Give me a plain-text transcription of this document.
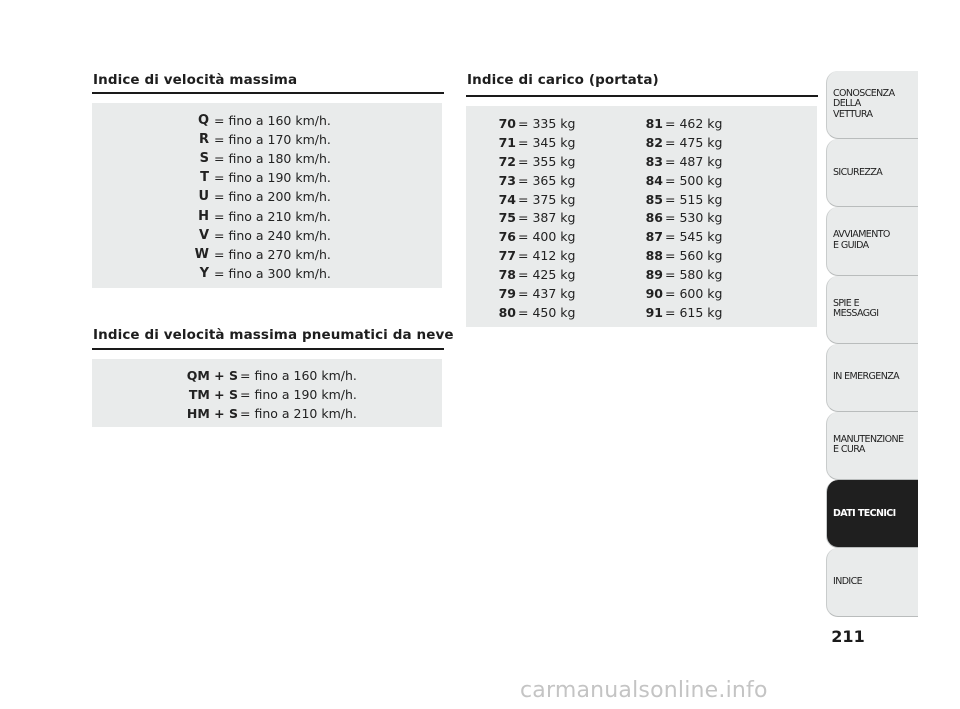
Indice di velocità massima
Q = fino a 160 km/h.
R = fino a 170 km/h.
S = fino a 180 km/h.
T = fino a 190 km/h.
U = fino a 200 km/h.
H = fino a 210 km/h.
V = fino a 240 km/h.
W = fino a 270 km/h.
Y = fino a 300 km/h.
Indice di velocità massima pneumatici da neve
QM + S = fino a 160 km/h.
TM + S = fino a 190 km/h.
HM + S = fino a 210 km/h.
Indice di carico (portata)
70 = 335 kg
71 = 345 kg
72 = 355 kg
73 = 365 kg
74 = 375 kg
75 = 387 kg
76 = 400 kg
77 = 412 kg
78 = 425 kg
79 = 437 kg
80 = 450 kg
81 = 462 kg
82 = 475 kg
83 = 487 kg
84 = 500 kg
85 = 515 kg
86 = 530 kg
87 = 545 kg
88 = 560 kg
89 = 580 kg
90 = 600 kg
91 = 615 kg
CONOSCENZA
DELLA
VETTURA
SICUREZZA
AVVIAMENTO
E GUIDA
SPIE E
MESSAGGI
IN EMERGENZA
MANUTENZIONE
E CURA
DATI TECNICI
INDICE
211
carmanualsonline.info
